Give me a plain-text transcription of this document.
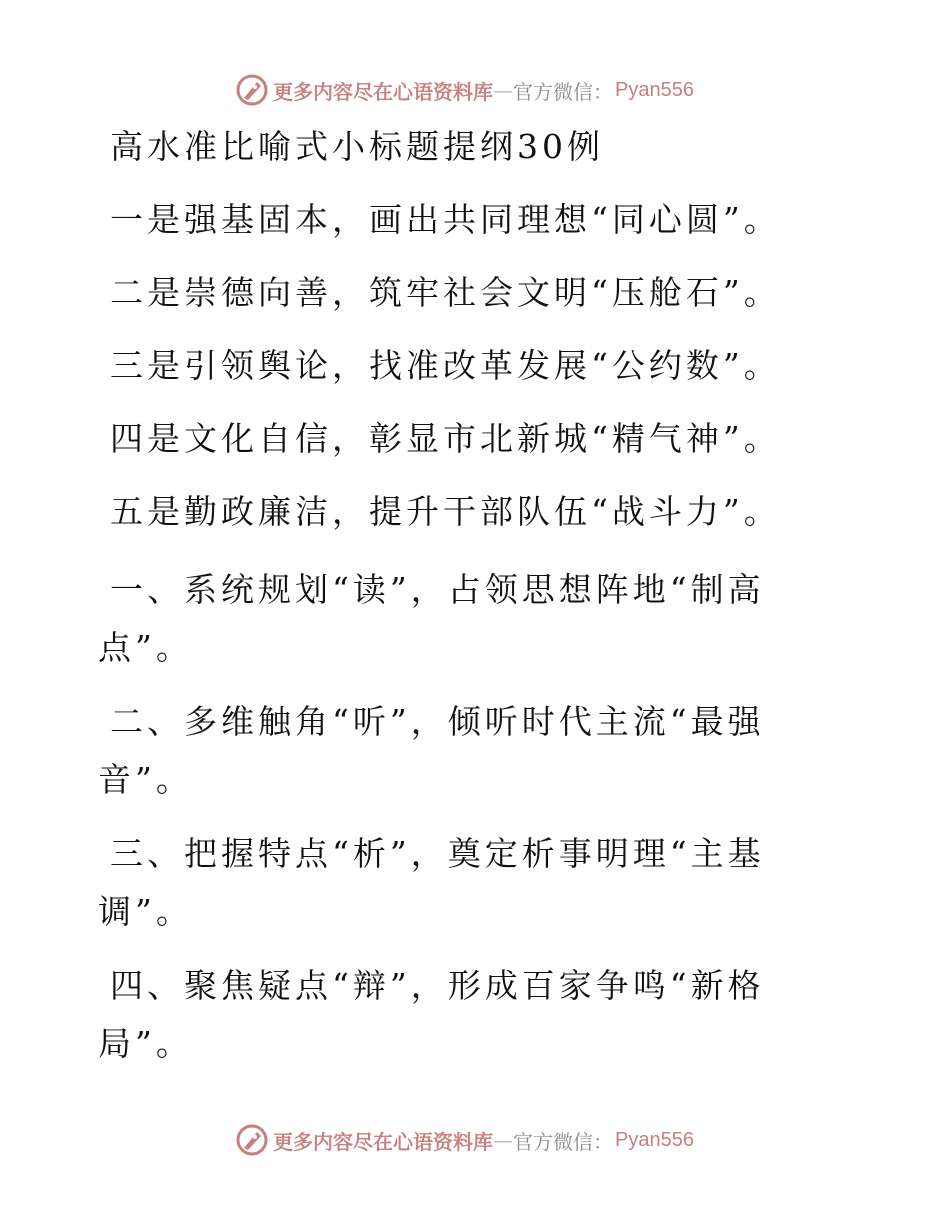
更多内容尽在心语资料库 — 官方微信： Pyan556
高水准比喻式小标题提纲30例
一是强基固本，画出共同理想“同心圆”。
二是崇德向善，筑牢社会文明“压舱石”。
三是引领舆论，找准改革发展“公约数”。
四是文化自信，彰显市北新城“精气神”。
五是勤政廉洁，提升干部队伍“战斗力”。
一、系统规划“读”，占领思想阵地“制高
点”。
二、多维触角“听”，倾听时代主流“最强
音”。
三、把握特点“析”，奠定析事明理“主基
调”。
四、聚焦疑点“辩”，形成百家争鸣“新格
局”。
更多内容尽在心语资料库 — 官方微信： Pyan556
